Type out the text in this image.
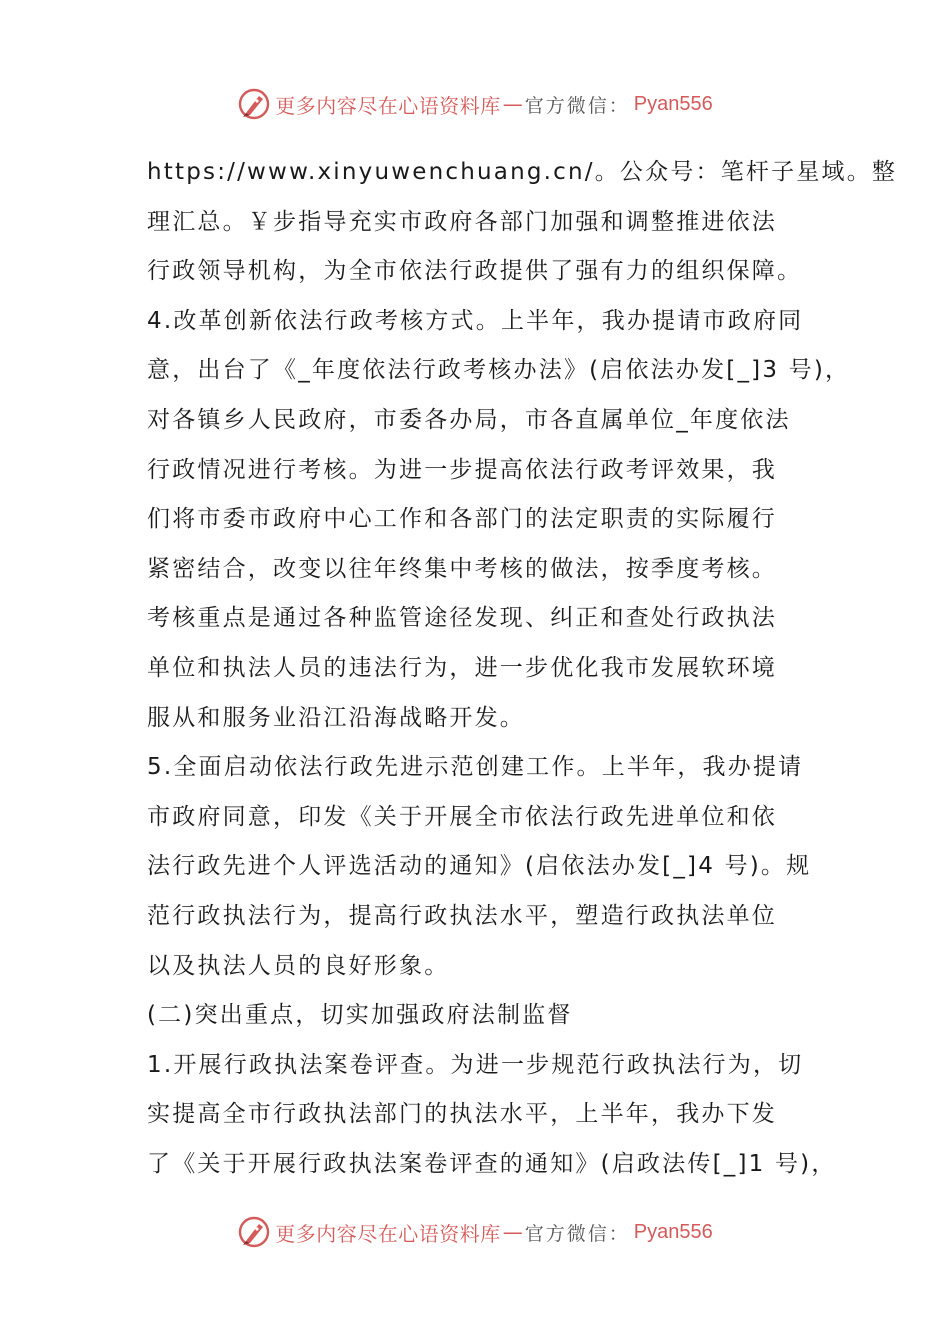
更多内容尽在心语资料库 — 官方微信： Pyan556
https://www.xinyuwenchuang.cn/。公众号：笔杆子星域。整
理汇总。￥步指导充实市政府各部门加强和调整推进依法
行政领导机构，为全市依法行政提供了强有力的组织保障。
4.改革创新依法行政考核方式。上半年，我办提请市政府同
意，出台了《_年度依法行政考核办法》(启依法办发[_]3 号)，
对各镇乡人民政府，市委各办局，市各直属单位_年度依法
行政情况进行考核。为进一步提高依法行政考评效果，我
们将市委市政府中心工作和各部门的法定职责的实际履行
紧密结合，改变以往年终集中考核的做法，按季度考核。
考核重点是通过各种监管途径发现、纠正和查处行政执法
单位和执法人员的违法行为，进一步优化我市发展软环境
服从和服务业沿江沿海战略开发。
5.全面启动依法行政先进示范创建工作。上半年，我办提请
市政府同意，印发《关于开展全市依法行政先进单位和依
法行政先进个人评选活动的通知》(启依法办发[_]4 号)。规
范行政执法行为，提高行政执法水平，塑造行政执法单位
以及执法人员的良好形象。
(二)突出重点，切实加强政府法制监督
1.开展行政执法案卷评查。为进一步规范行政执法行为，切
实提高全市行政执法部门的执法水平，上半年，我办下发
了《关于开展行政执法案卷评查的通知》(启政法传[_]1 号)，
更多内容尽在心语资料库 — 官方微信： Pyan556
